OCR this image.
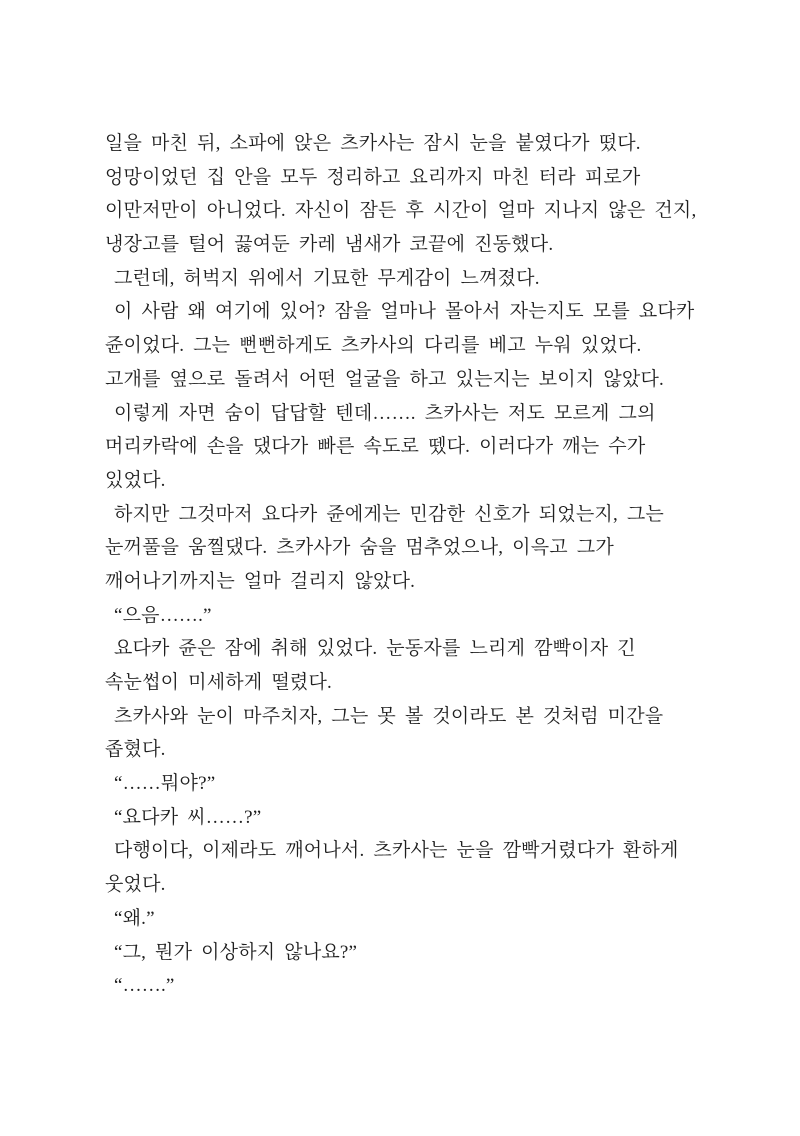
일을 마친 뒤, 소파에 앉은 츠카사는 잠시 눈을 붙였다가 떴다.
엉망이었던 집 안을 모두 정리하고 요리까지 마친 터라 피로가
이만저만이 아니었다. 자신이 잠든 후 시간이 얼마 지나지 않은 건지,
냉장고를 털어 끓여둔 카레 냄새가 코끝에 진동했다.
그런데, 허벅지 위에서 기묘한 무게감이 느껴졌다.
이 사람 왜 여기에 있어? 잠을 얼마나 몰아서 자는지도 모를 요다카
쥰이었다. 그는 뻔뻔하게도 츠카사의 다리를 베고 누워 있었다.
고개를 옆으로 돌려서 어떤 얼굴을 하고 있는지는 보이지 않았다.
이렇게 자면 숨이 답답할 텐데……. 츠카사는 저도 모르게 그의
머리카락에 손을 댔다가 빠른 속도로 뗐다. 이러다가 깨는 수가
있었다.
하지만 그것마저 요다카 쥰에게는 민감한 신호가 되었는지, 그는
눈꺼풀을 움찔댔다. 츠카사가 숨을 멈추었으나, 이윽고 그가
깨어나기까지는 얼마 걸리지 않았다.
“으음…….”
요다카 쥰은 잠에 취해 있었다. 눈동자를 느리게 깜빡이자 긴
속눈썹이 미세하게 떨렸다.
츠카사와 눈이 마주치자, 그는 못 볼 것이라도 본 것처럼 미간을
좁혔다.
“……뭐야?”
“요다카 씨……?”
다행이다, 이제라도 깨어나서. 츠카사는 눈을 깜빡거렸다가 환하게
웃었다.
“왜.”
“그, 뭔가 이상하지 않나요?”
“…….”
